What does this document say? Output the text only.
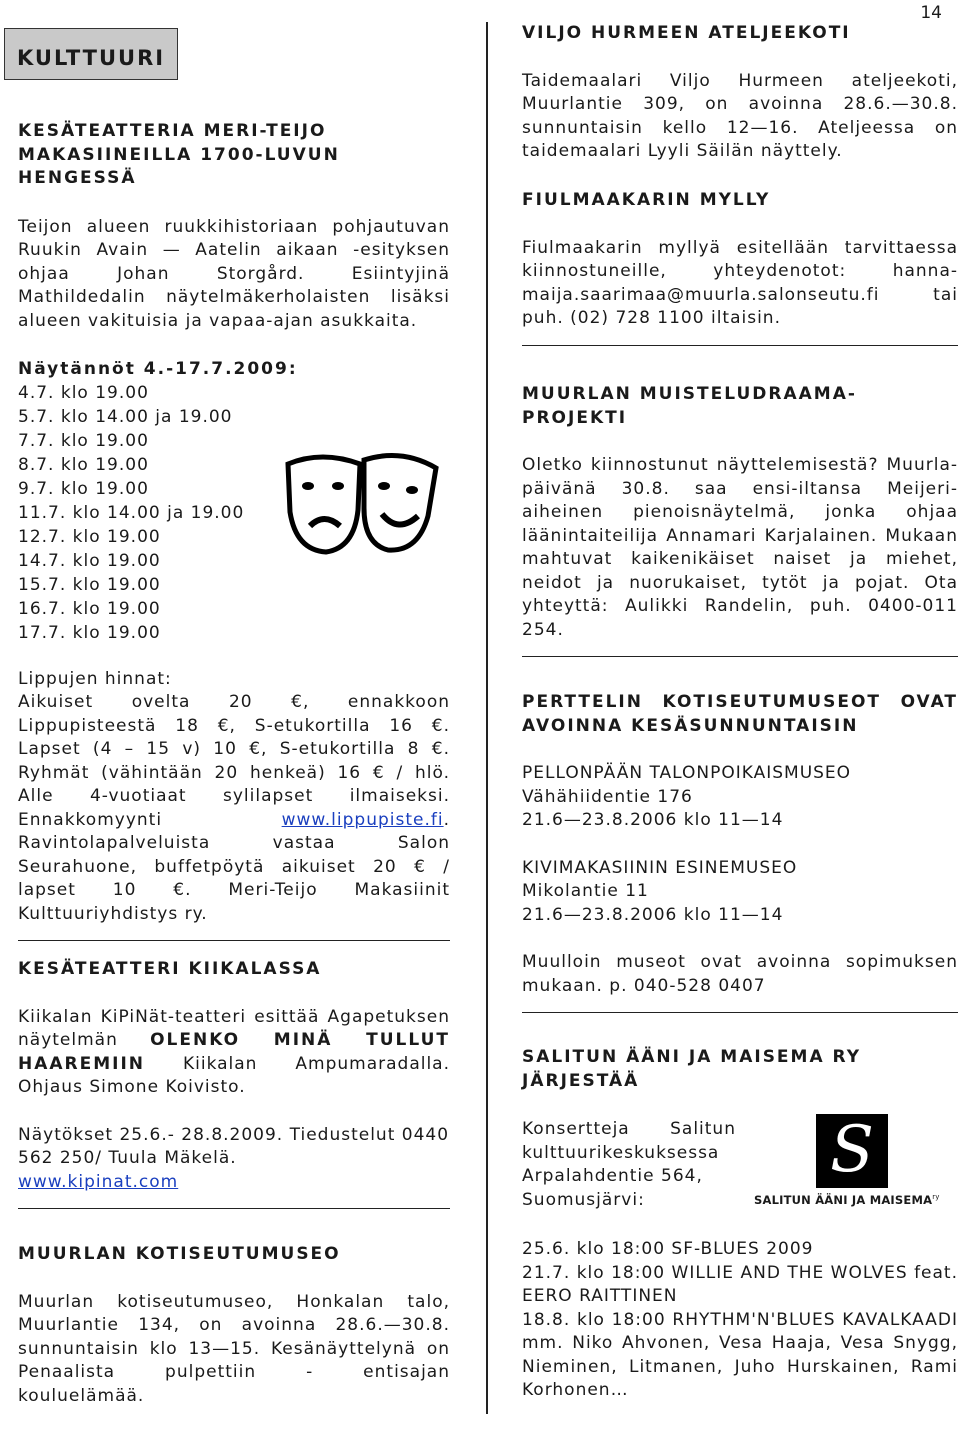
14
KULTTUURI
KESÄTEATTERIA MERI-TEIJO
MAKASIINEILLA 1700-LUVUN
HENGESSÄ

Teijon alueen ruukkihistoriaan pohjautuvan Ruukin Avain — Aatelin aikaan -esityksen ohjaa Johan Storgård. Esiintyjinä Mathildedalin näytelmäkerholaisten lisäksi alueen vakituisia ja vapaa-ajan asukkaita.

Näytännöt 4.-17.7.2009:

4.7. klo 19.00
5.7. klo 14.00 ja 19.00
7.7. klo 19.00
8.7. klo 19.00
9.7. klo 19.00
11.7. klo 14.00 ja 19.00
12.7. klo 19.00
14.7. klo 19.00
15.7. klo 19.00
16.7. klo 19.00
17.7. klo 19.00

Lippujen hinnat:

Aikuiset ovelta 20 €, ennakkoon Lippupisteestä 18 €, S-etukortilla 16 €. Lapset (4 – 15 v) 10 €, S-etukortilla 8 €. Ryhmät (vähintään 20 henkeä) 16 € / hlö. Alle 4-vuotiaat sylilapset ilmaiseksi. Ennakkomyynti	www.lippupiste.fi. Ravintolapalveluista vastaa Salon Seurahuone, buffetpöytä aikuiset 20 € / lapset 10 €. Meri-Teijo Makasiinit Kulttuuriyhdistys ry.

KESÄTEATTERI KIIKALASSA

Kiikalan KiPiNät-teatteri esittää Agapetuksen näytelmän OLENKO MINÄ TULLUT HAAREMIIN Kiikalan Ampumaradalla. Ohjaus Simone Koivisto.

Näytökset 25.6.- 28.8.2009. Tiedustelut 0440 562 250/ Tuula Mäkelä.

www.kipinat.com

MUURLAN KOTISEUTUMUSEO

Muurlan kotiseutumuseo, Honkalan talo, Muurlantie 134, on avoinna 28.6.—30.8. sunnuntaisin klo 13—15. Kesänäyttelynä on Penaalista pulpettiin - entisajan kouluelämää.

VILJO HURMEEN ATELJEEKOTI

Taidemaalari Viljo Hurmeen ateljeekoti, Muurlantie 309, on avoinna 28.6.—30.8. sunnuntaisin kello 12—16. Ateljeessa on taidemaalari Lyyli Säilän näyttely.

FIULMAAKARIN MYLLY

Fiulmaakarin myllyä esitellään tarvittaessa kiinnostuneille, yhteydenotot: hanna-maija.saarimaa@muurla.salonseutu.fi tai puh. (02) 728 1100 iltaisin.

MUURLAN MUISTELUDRAAMA-
PROJEKTI

Oletko kiinnostunut näyttelemisestä? Muurla-päivänä 30.8. saa ensi-iltansa Meijeri-aiheinen pienoisnäytelmä, jonka ohjaa läänintaiteilija Annamari Karjalainen. Mukaan mahtuvat kaikenikäiset naiset ja miehet, neidot ja nuorukaiset, tytöt ja pojat. Ota yhteyttä: Aulikki Randelin, puh. 0400-011 254.

PERTTELIN KOTISEUTUMUSEOT OVAT
AVOINNA KESÄSUNNUNTAISIN
PELLONPÄÄN TALONPOIKAISMUSEO
Vähähiidentie 176
21.6—23.8.2006 klo 11—14
KIVIMAKASIININ ESINEMUSEO
Mikolantie 11
21.6—23.8.2006 klo 11—14

Muulloin museot ovat avoinna sopimuksen mukaan. p. 040-528 0407

SALITUN ÄÄNI JA MAISEMA RY
JÄRJESTÄÄ
Konsertteja Salitun
kulttuurikeskuksessa
Arpalahdentie 564,
Suomusjärvi:

25.6. klo 18:00 SF-BLUES 2009
21.7. klo 18:00 WILLIE AND THE WOLVES feat. EERO RAITTINEN
18.8. klo 18:00 RHYTHM'N'BLUES KAVALKAADI mm. Niko Ahvonen, Vesa Haaja, Vesa Snygg, Nieminen, Litmanen, Juho Hurskainen, Rami Korhonen…

S
SALITUN ÄÄNI JA $MAISEMA^{ry}$
